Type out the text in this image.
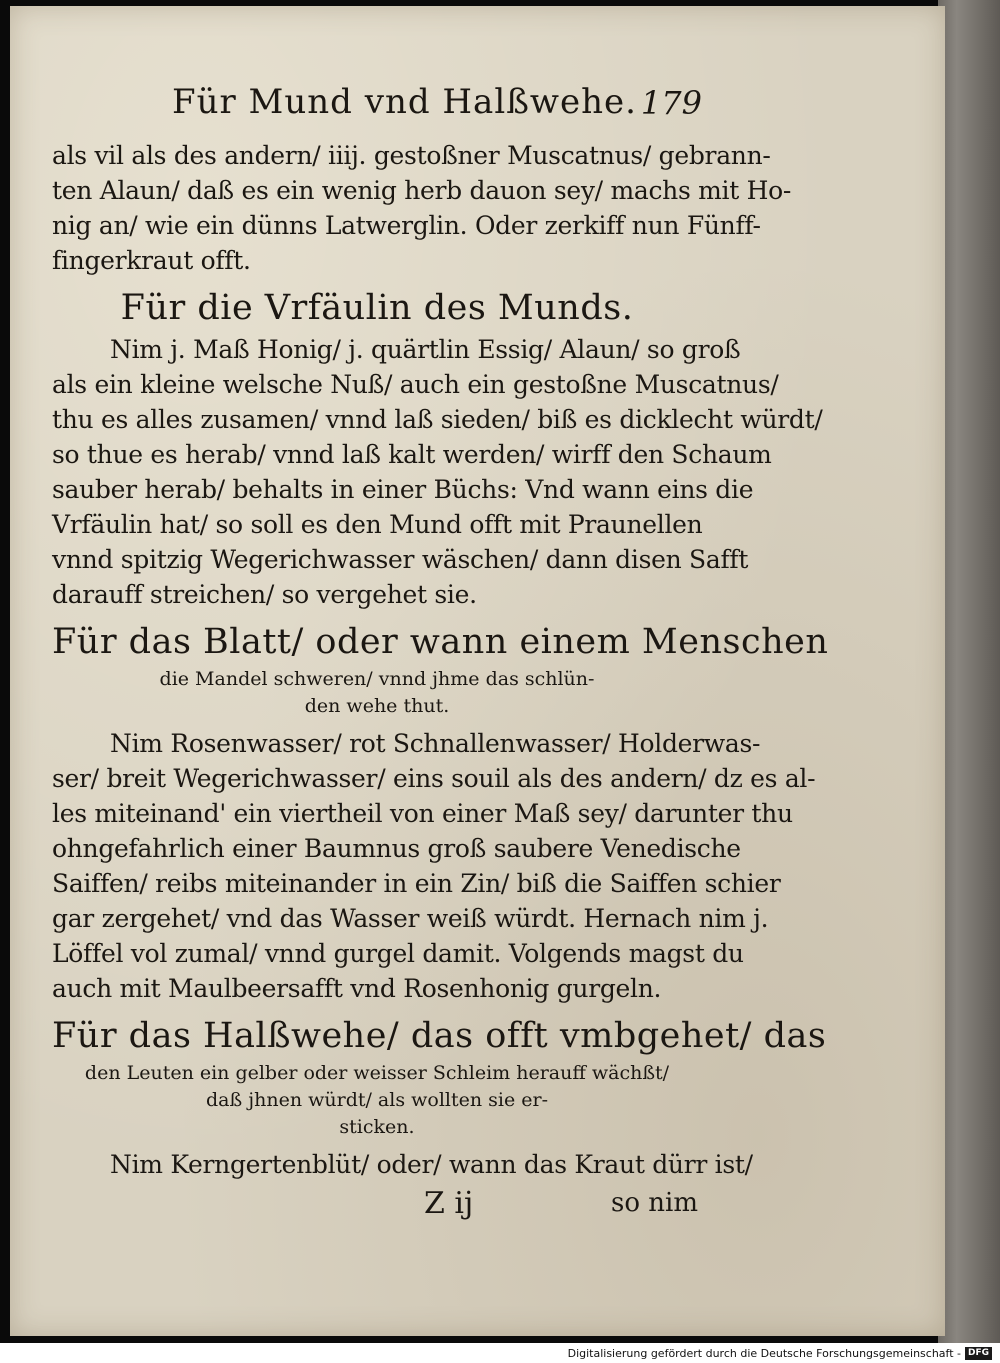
Für Mund vnd Halßwehe. 179
als vil als des andern/ iiij. gestoßner Muscatnus/ gebrann-
ten Alaun/ daß es ein wenig herb dauon sey/ machs mit Ho-
nig an/ wie ein dünns Latwerglin. Oder zerkiff nun Fünff-
fingerkraut offt.
Für die Vrfäulin des Munds.
Nim j. Maß Honig/ j. quärtlin Essig/ Alaun/ so groß
als ein kleine welsche Nuß/ auch ein gestoßne Muscatnus/
thu es alles zusamen/ vnnd laß sieden/ biß es dicklecht würdt/
so thue es herab/ vnnd laß kalt werden/ wirff den Schaum
sauber herab/ behalts in einer Büchs: Vnd wann eins die
Vrfäulin hat/ so soll es den Mund offt mit Praunellen
vnnd spitzig Wegerichwasser wäschen/ dann disen Safft
darauff streichen/ so vergehet sie.
Für das Blatt/ oder wann einem Menschen
die Mandel schweren/ vnnd jhme das schlün-
den wehe thut.
Nim Rosenwasser/ rot Schnallenwasser/ Holderwas-
ser/ breit Wegerichwasser/ eins souil als des andern/ dz es al-
les miteinand' ein viertheil von einer Maß sey/ darunter thu
ohngefahrlich einer Baumnus groß saubere Venedische
Saiffen/ reibs miteinander in ein Zin/ biß die Saiffen schier
gar zergehet/ vnd das Wasser weiß würdt. Hernach nim j.
Löffel vol zumal/ vnnd gurgel damit. Volgends magst du
auch mit Maulbeersafft vnd Rosenhonig gurgeln.
Für das Halßwehe/ das offt vmbgehet/ das
den Leuten ein gelber oder weisser Schleim herauff wächßt/
daß jhnen würdt/ als wollten sie er-
sticken.
Nim Kerngertenblüt/ oder/ wann das Kraut dürr ist/
Z ij	so nim
Digitalisierung gefördert durch die Deutsche Forschungsgemeinschaft - DFG
